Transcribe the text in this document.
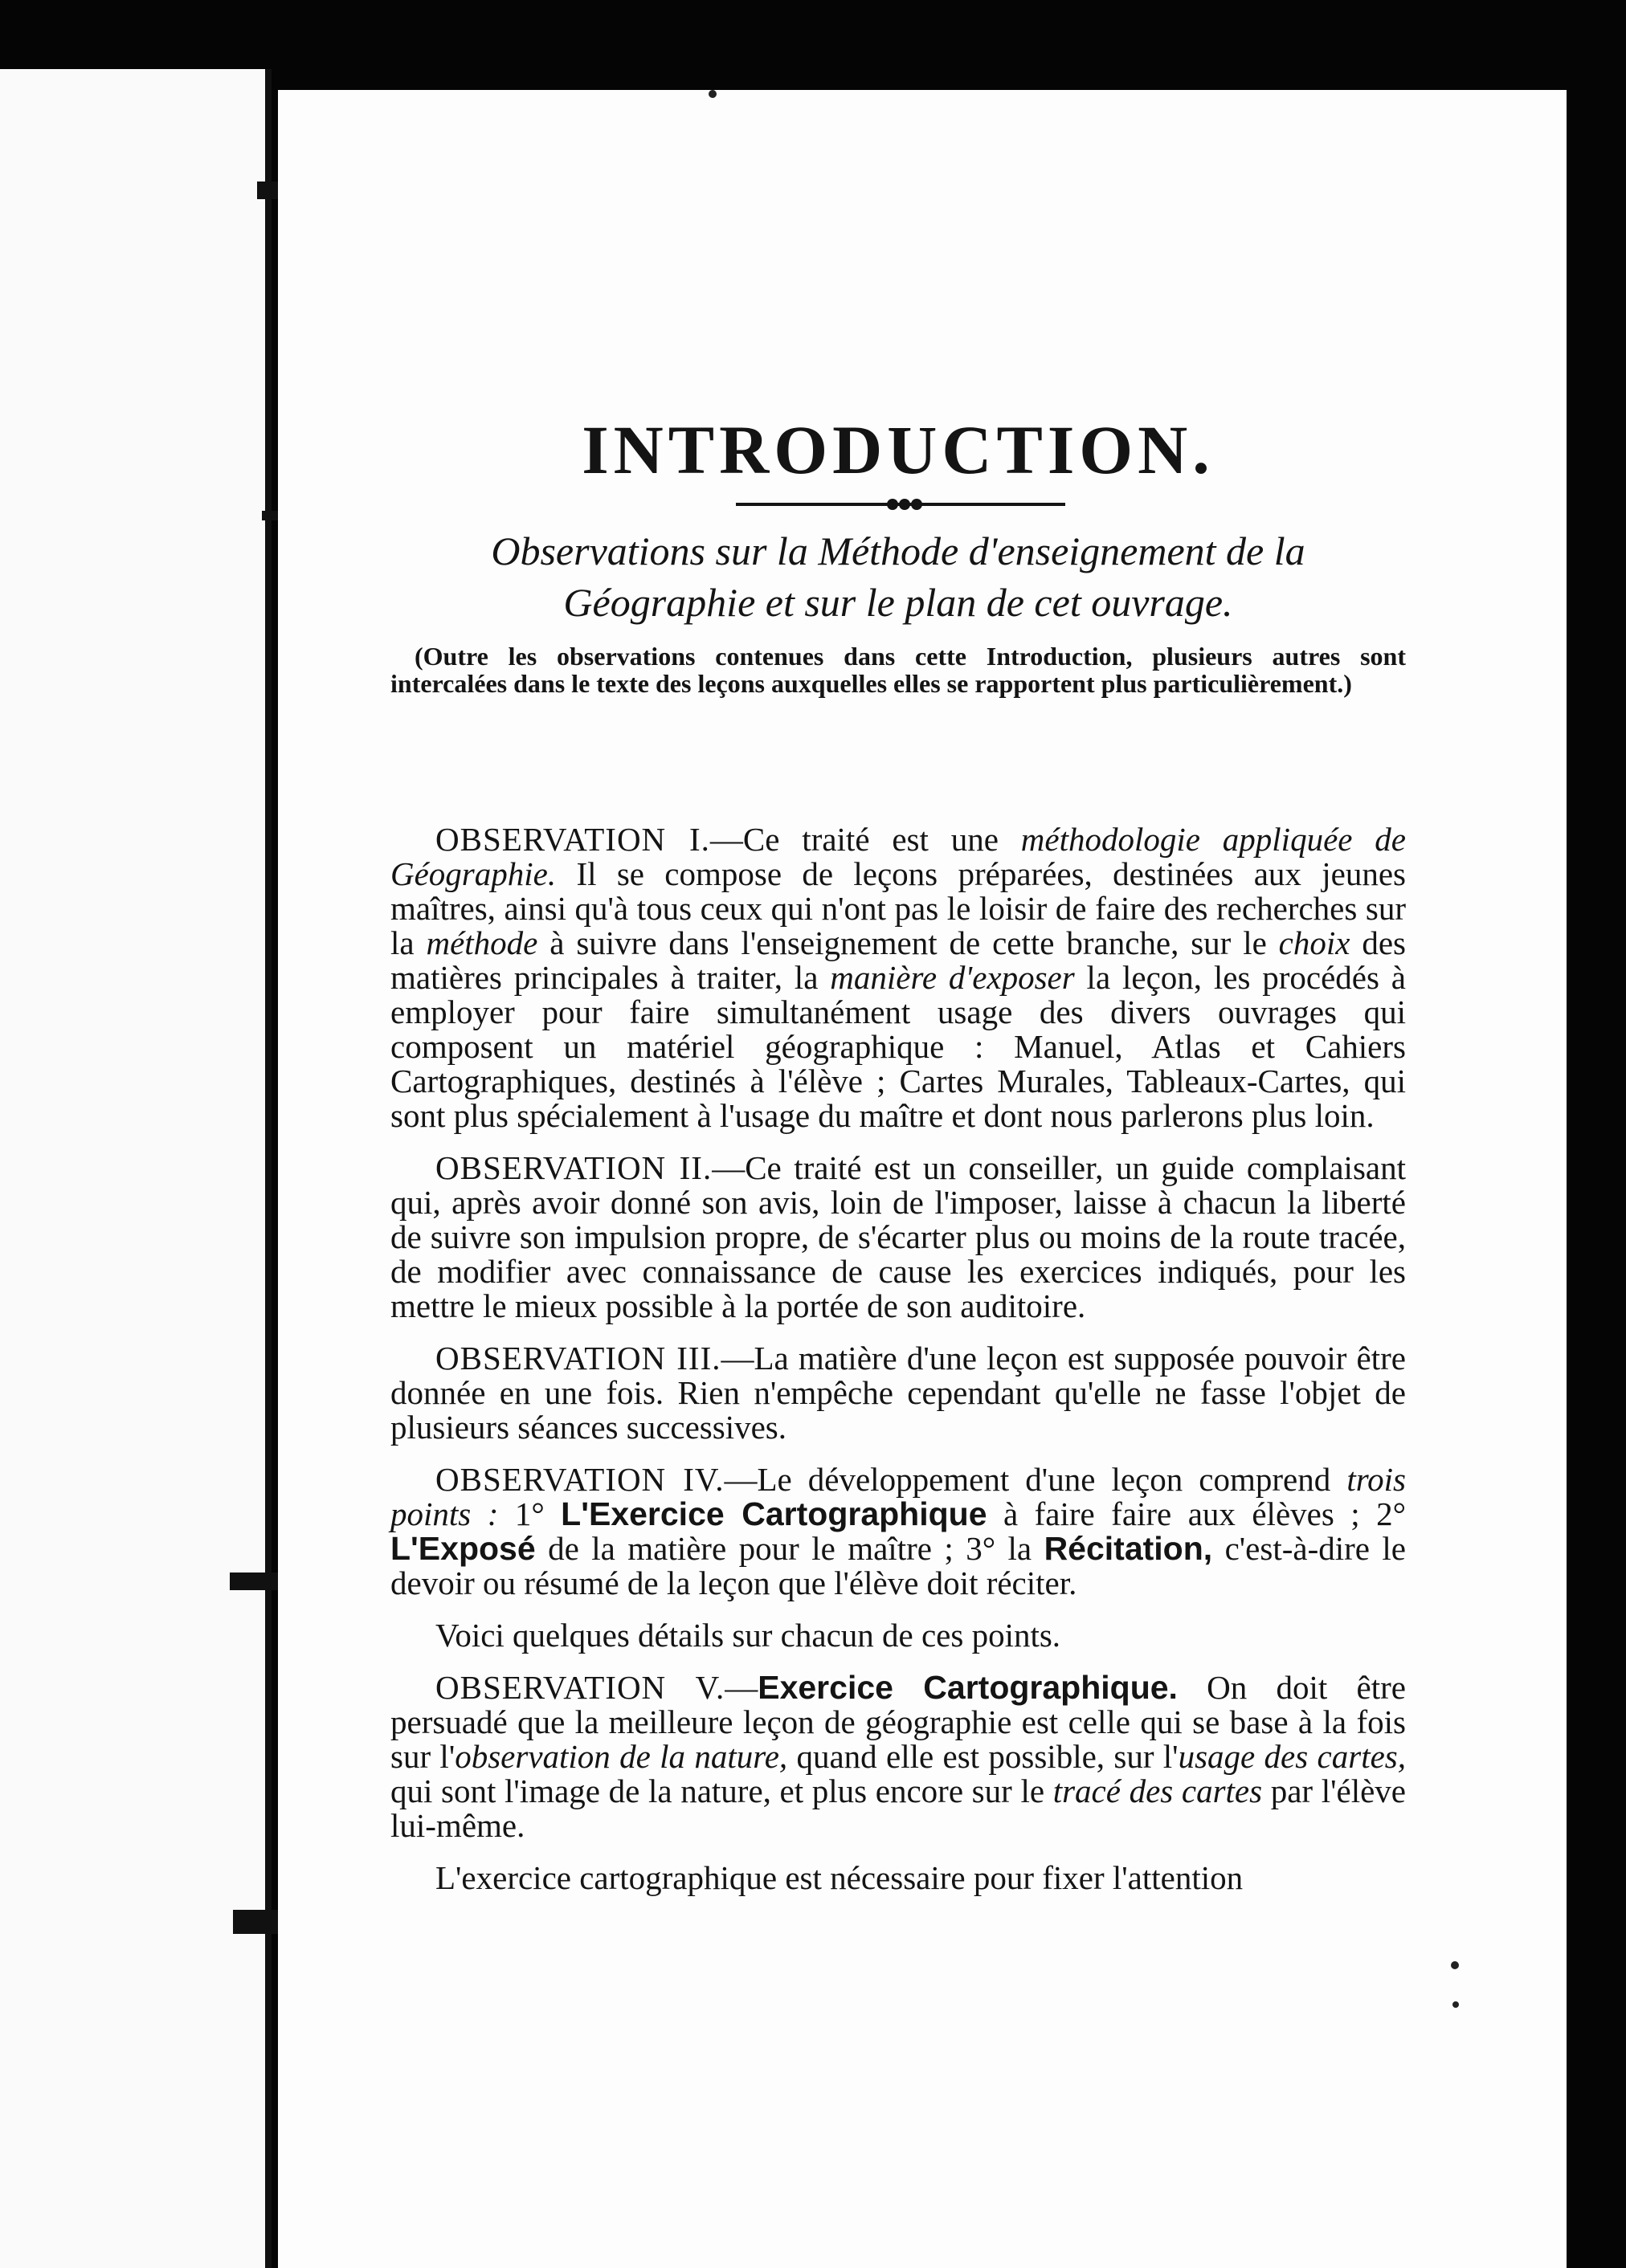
INTRODUCTION.
Observations sur la Méthode d'enseignement de la Géographie et sur le plan de cet ouvrage.
(Outre les observations contenues dans cette Introduction, plusieurs autres sont intercalées dans le texte des leçons auxquelles elles se rapportent plus particulièrement.)

OBSERVATION I.—Ce traité est une méthodologie appliquée de Géographie. Il se compose de leçons préparées, destinées aux jeunes maîtres, ainsi qu'à tous ceux qui n'ont pas le loisir de faire des recherches sur la méthode à suivre dans l'enseignement de cette branche, sur le choix des matières principales à traiter, la manière d'exposer la leçon, les procédés à employer pour faire simultanément usage des divers ouvrages qui composent un matériel géographique : Manuel, Atlas et Cahiers Cartographiques, destinés à l'élève ; Cartes Murales, Tableaux-Cartes, qui sont plus spécialement à l'usage du maître et dont nous parlerons plus loin.

OBSERVATION II.—Ce traité est un conseiller, un guide complaisant qui, après avoir donné son avis, loin de l'imposer, laisse à chacun la liberté de suivre son impulsion propre, de s'écarter plus ou moins de la route tracée, de modifier avec connaissance de cause les exercices indiqués, pour les mettre le mieux possible à la portée de son auditoire.

OBSERVATION III.—La matière d'une leçon est supposée pouvoir être donnée en une fois. Rien n'empêche cependant qu'elle ne fasse l'objet de plusieurs séances successives.

OBSERVATION IV.—Le développement d'une leçon comprend trois points : 1° L'Exercice Cartographique à faire faire aux élèves ; 2° L'Exposé de la matière pour le maître ; 3° la Récitation, c'est-à-dire le devoir ou résumé de la leçon que l'élève doit réciter.

Voici quelques détails sur chacun de ces points.

OBSERVATION V.—Exercice Cartographique. On doit être persuadé que la meilleure leçon de géographie est celle qui se base à la fois sur l'observation de la nature, quand elle est possible, sur l'usage des cartes, qui sont l'image de la nature, et plus encore sur le tracé des cartes par l'élève lui-même.

L'exercice cartographique est nécessaire pour fixer l'attention
